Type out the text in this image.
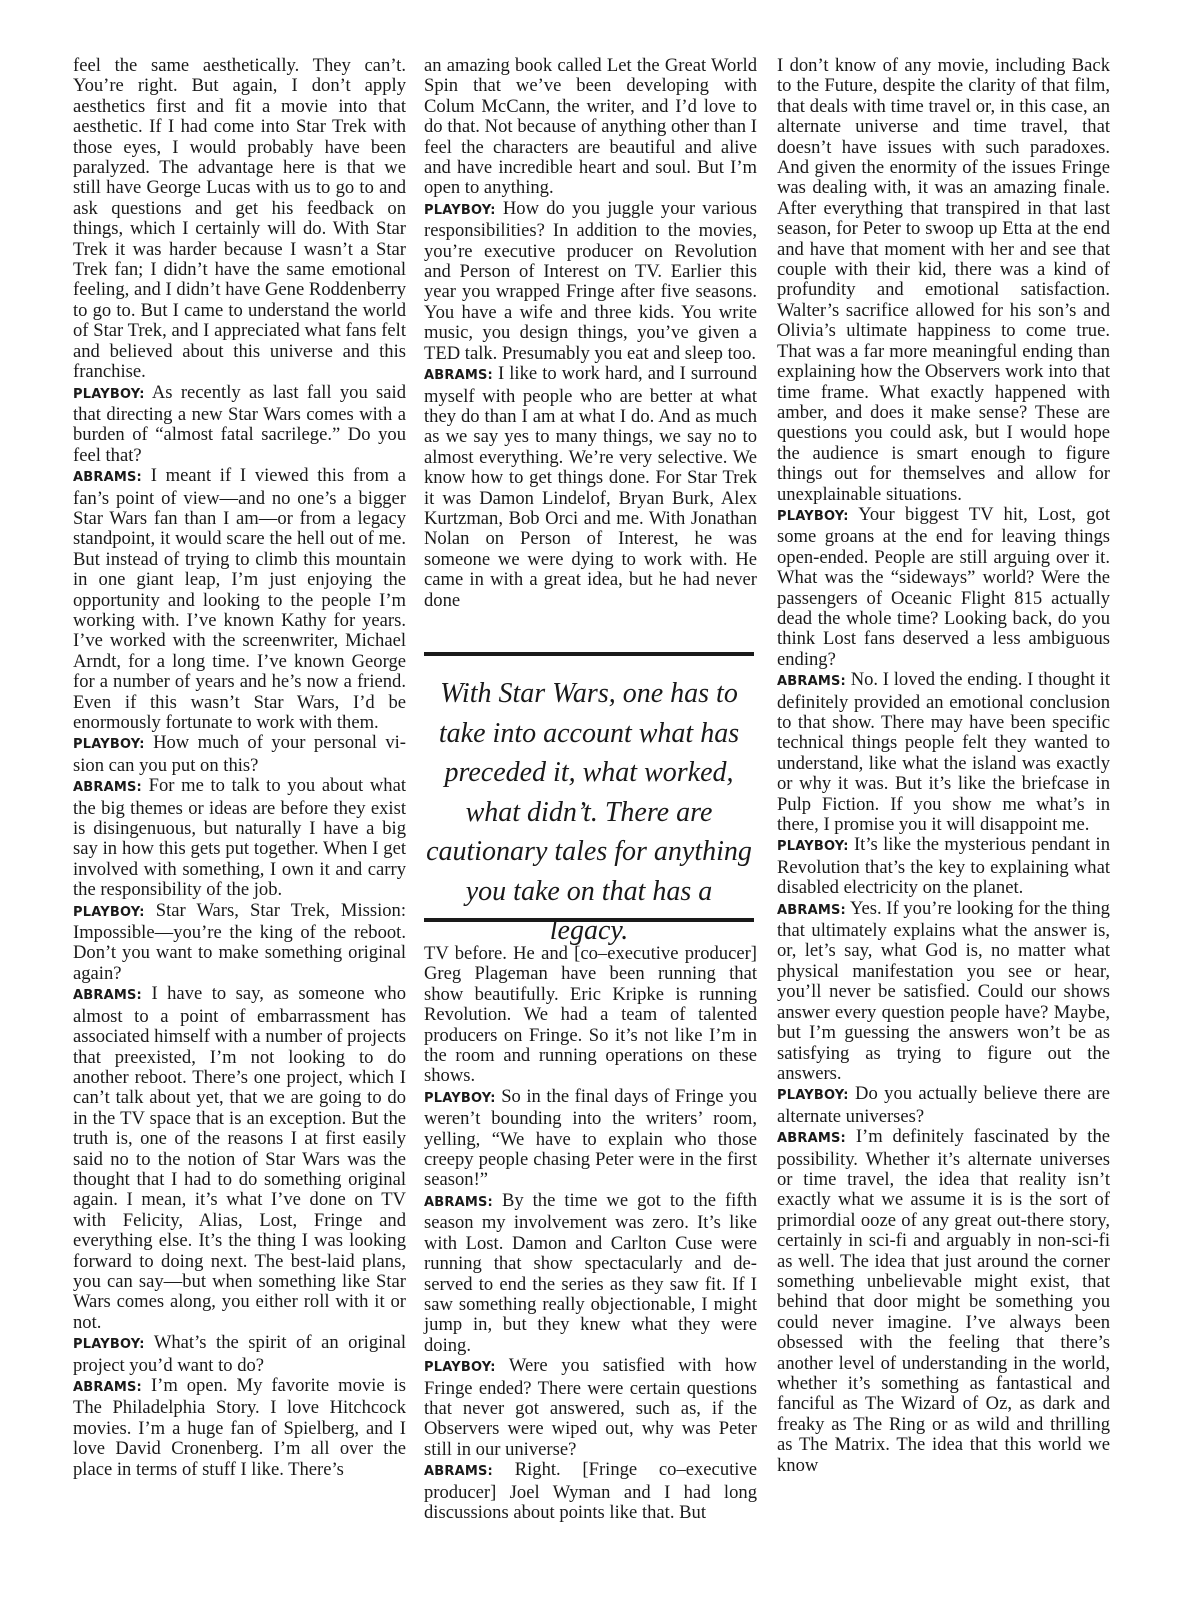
feel the same aesthetically. They can’t. You’re right. But again, I don’t apply aesthetics first and fit a movie into that aesthetic. If I had come into Star Trek with those eyes, I would probably have been paralyzed. The advantage here is that we still have George Lucas with us to go to and ask questions and get his feedback on things, which I certainly will do. With Star Trek it was harder because I wasn’t a Star Trek fan; I didn’t have the same emotional feeling, and I didn’t have Gene Roddenberry to go to. But I came to understand the world of Star Trek, and I appreciated what fans felt and believed about this universe and this franchise.

PLAYBOY: As recently as last fall you said that directing a new Star Wars comes with a burden of “almost fatal sacrilege.” Do you feel that?

ABRAMS: I meant if I viewed this from a fan’s point of view—and no one’s a bigger Star Wars fan than I am—or from a legacy standpoint, it would scare the hell out of me. But instead of trying to climb this mountain in one giant leap, I’m just enjoying the opportunity and looking to the people I’m working with. I’ve known Kathy for years. I’ve worked with the screenwriter, Michael Arndt, for a long time. I’ve known George for a number of years and he’s now a friend. Even if this wasn’t Star Wars, I’d be enormously fortunate to work with them.

PLAYBOY: How much of your personal vision can you put on this?

ABRAMS: For me to talk to you about what the big themes or ideas are before they exist is disingenuous, but naturally I have a big say in how this gets put together. When I get involved with something, I own it and carry the responsibility of the job.

PLAYBOY: Star Wars, Star Trek, Mission: Impossible—you’re the king of the reboot. Don’t you want to make something original again?

ABRAMS: I have to say, as someone who almost to a point of embarrassment has associated himself with a number of projects that preexisted, I’m not looking to do another reboot. There’s one project, which I can’t talk about yet, that we are going to do in the TV space that is an exception. But the truth is, one of the reasons I at first easily said no to the notion of Star Wars was the thought that I had to do something original again. I mean, it’s what I’ve done on TV with Felicity, Alias, Lost, Fringe and everything else. It’s the thing I was looking forward to doing next. The best-laid plans, you can say—but when something like Star Wars comes along, you either roll with it or not.

PLAYBOY: What’s the spirit of an original project you’d want to do?

ABRAMS: I’m open. My favorite movie is The Philadelphia Story. I love Hitchcock movies. I’m a huge fan of Spielberg, and I love David Cronenberg. I’m all over the place in terms of stuff I like. There’s

an amazing book called Let the Great World Spin that we’ve been developing with Colum McCann, the writer, and I’d love to do that. Not because of anything other than I feel the characters are beautiful and alive and have incredible heart and soul. But I’m open to anything.

PLAYBOY: How do you juggle your various responsibilities? In addition to the movies, you’re executive producer on Revolution and Person of Interest on TV. Earlier this year you wrapped Fringe after five seasons. You have a wife and three kids. You write music, you design things, you’ve given a TED talk. Presumably you eat and sleep too.

ABRAMS: I like to work hard, and I surround myself with people who are better at what they do than I am at what I do. And as much as we say yes to many things, we say no to almost everything. We’re very selective. We know how to get things done. For Star Trek it was Damon Lindelof, Bryan Burk, Alex Kurtzman, Bob Orci and me. With Jonathan Nolan on Person of Interest, he was someone we were dying to work with. He came in with a great idea, but he had never done

With Star Wars, one has to take into account what has preceded it, what worked, what didn’t. There are cautionary tales for anything you take on that has a legacy.

TV before. He and [co–executive producer] Greg Plageman have been running that show beautifully. Eric Kripke is running Revolution. We had a team of talented producers on Fringe. So it’s not like I’m in the room and running operations on these shows.

PLAYBOY: So in the final days of Fringe you weren’t bounding into the writers’ room, yelling, “We have to explain who those creepy people chasing Peter were in the first season!”

ABRAMS: By the time we got to the fifth season my involvement was zero. It’s like with Lost. Damon and Carlton Cuse were running that show spectacularly and deserved to end the series as they saw fit. If I saw something really objectionable, I might jump in, but they knew what they were doing.

PLAYBOY: Were you satisfied with how Fringe ended? There were certain questions that never got answered, such as, if the Observers were wiped out, why was Peter still in our universe?

ABRAMS: Right. [Fringe co–executive producer] Joel Wyman and I had long discussions about points like that. But

I don’t know of any movie, including Back to the Future, despite the clarity of that film, that deals with time travel or, in this case, an alternate universe and time travel, that doesn’t have issues with such paradoxes. And given the enormity of the issues Fringe was dealing with, it was an amazing finale. After everything that transpired in that last season, for Peter to swoop up Etta at the end and have that moment with her and see that couple with their kid, there was a kind of profundity and emotional satisfaction. Walter’s sacrifice allowed for his son’s and Olivia’s ultimate happiness to come true. That was a far more meaningful ending than explaining how the Observers work into that time frame. What exactly happened with amber, and does it make sense? These are questions you could ask, but I would hope the audience is smart enough to figure things out for themselves and allow for unexplainable situations.

PLAYBOY: Your biggest TV hit, Lost, got some groans at the end for leaving things open-ended. People are still arguing over it. What was the “sideways” world? Were the passengers of Oceanic Flight 815 actually dead the whole time? Looking back, do you think Lost fans deserved a less ambiguous ending?

ABRAMS: No. I loved the ending. I thought it definitely provided an emotional conclusion to that show. There may have been specific technical things people felt they wanted to understand, like what the island was exactly or why it was. But it’s like the briefcase in Pulp Fiction. If you show me what’s in there, I promise you it will disappoint me.

PLAYBOY: It’s like the mysterious pendant in Revolution that’s the key to explaining what disabled electricity on the planet.

ABRAMS: Yes. If you’re looking for the thing that ultimately explains what the answer is, or, let’s say, what God is, no matter what physical manifestation you see or hear, you’ll never be satisfied. Could our shows answer every question people have? Maybe, but I’m guessing the answers won’t be as satisfying as trying to figure out the answers.

PLAYBOY: Do you actually believe there are alternate universes?

ABRAMS: I’m definitely fascinated by the possibility. Whether it’s alternate universes or time travel, the idea that reality isn’t exactly what we assume it is is the sort of primordial ooze of any great out-there story, certainly in sci-fi and arguably in non-sci-fi as well. The idea that just around the corner something unbelievable might exist, that behind that door might be something you could never imagine. I’ve always been obsessed with the feeling that there’s another level of understanding in the world, whether it’s something as fantastical and fanciful as The Wizard of Oz, as dark and freaky as The Ring or as wild and thrilling as The Matrix. The idea that this world we know
